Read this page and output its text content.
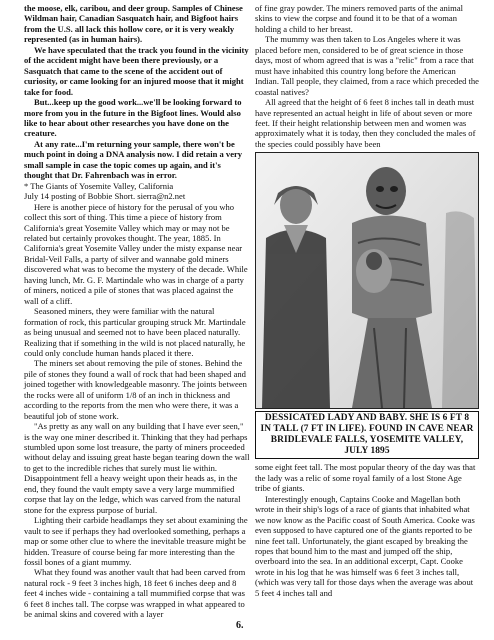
the moose, elk, caribou, and deer group. Samples of Chinese Wildman hair, Canadian Sasquatch hair, and Bigfoot hairs from the U.S. all lack this hollow core, or it is very weakly represented (as in human hairs).

We have speculated that the track you found in the vicinity of the accident might have been there previously, or a Sasquatch that came to the scene of the accident out of curiosity, or came looking for an injured moose that it might take for food.

But...keep up the good work...we'll be looking forward to more from you in the future in the Bigfoot lines. Would also like to hear about other researches you have done on the creature.

At any rate...I'm returning your sample, there won't be much point in doing a DNA analysis now. I did retain a very small sample in case the topic comes up again, and it's thought that Dr. Fahrenbach was in error.

* The Giants of Yosemite Valley, California

July 14 posting of Bobbie Short. sierra@n2.net

Here is another piece of history for the perusal of you who collect this sort of thing. This time a piece of history from California's great Yosemite Valley which may or may not be related but certainly provokes thought. The year, 1885. In California's great Yosemite Valley under the misty expanse near Bridal-Veil Falls, a party of silver and wannabe gold miners discovered what was to become the mystery of the decade. While having lunch, Mr. G. F. Martindale who was in charge of a party of miners, noticed a pile of stones that was placed against the wall of a cliff.

Seasoned miners, they were familiar with the natural formation of rock, this particular grouping struck Mr. Martindale as being unusual and seemed not to have been placed naturally. Realizing that if something in the wild is not placed naturally, he could only conclude human hands placed it there.

The miners set about removing the pile of stones. Behind the pile of stones they found a wall of rock that had been shaped and joined together with knowledgeable masonry. The joints between the rocks were all of uniform 1/8 of an inch in thickness and according to the reports from the men who were there, it was a beautiful job of stone work.

"As pretty as any wall on any building that I have ever seen," is the way one miner described it. Thinking that they had perhaps stumbled upon some lost treasure, the party of miners proceeded without delay and issuing great haste began tearing down the wall to get to the incredible riches that surely must lie within. Disappointment fell a heavy weight upon their heads as, in the end, they found the vault empty save a very large mummified corpse that lay on the ledge, which was carved from the natural stone for the express purpose of burial.

Lighting their carbide headlamps they set about examining the vault to see if perhaps they had overlooked something, perhaps a map or some other clue to where the inevitable treasure might be hidden. Treasure of course being far more interesting than the fossil bones of a giant mummy.

What they found was another vault that had been carved from natural rock - 9 feet 3 inches high, 18 feet 6 inches deep and 8 feet 4 inches wide - containing a tall mummified corpse that was 6 feet 8 inches tall. The corpse was wrapped in what appeared to be animal skins and covered with a layer

of fine gray powder. The miners removed parts of the animal skins to view the corpse and found it to be that of a woman holding a child to her breast.

The mummy was then taken to Los Angeles where it was placed before men, considered to be of great science in those days, most of whom agreed that is was a "relic" from a race that must have inhabited this country long before the American Indian. Tall people, they claimed, from a race which preceded the coastal natives?

All agreed that the height of 6 feet 8 inches tall in death must have represented an actual height in life of about seven or more feet. If their height relationship between men and women was approximately what it is today, then they concluded the males of the species could possibly have been

DESSICATED LADY AND BABY. SHE IS 6 FT 8 IN TALL (7 FT IN LIFE). FOUND IN CAVE NEAR BRIDLEVALE FALLS, YOSEMITE VALLEY, JULY 1895

some eight feet tall. The most popular theory of the day was that the lady was a relic of some royal family of a lost Stone Age tribe of giants.

Interestingly enough, Captains Cooke and Magellan both wrote in their ship's logs of a race of giants that inhabited what we now know as the Pacific coast of South America. Cooke was even supposed to have captured one of the giants reported to be nine feet tall. Unfortunately, the giant escaped by breaking the ropes that bound him to the mast and jumped off the ship, overboard into the sea. In an additional excerpt, Capt. Cooke wrote in his log that he was himself was 6 feet 3 inches tall, (which was very tall for those days when the average was about 5 feet 4 inches tall and

6.
